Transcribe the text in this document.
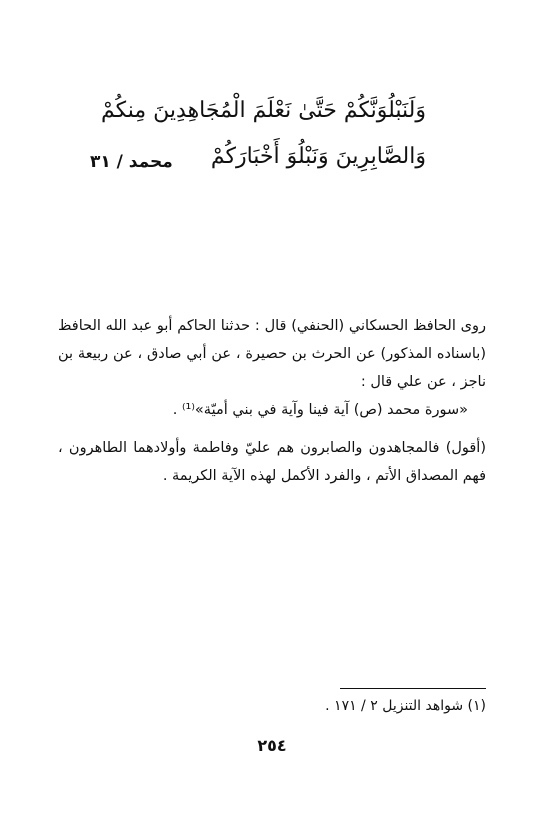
وَلَنَبْلُوَنَّكُمْ حَتَّىٰ نَعْلَمَ الْمُجَاهِدِينَ مِنكُمْ وَالصَّابِرِينَ وَنَبْلُوَ أَخْبَارَكُمْ
محمد / ٣١

روى الحافظ الحسكاني (الحنفي) قال : حدثنا الحاكم أبو عبد الله الحافظ (باسناده المذكور) عن الحرث بن حصيرة ، عن أبي صادق ، عن ربيعة بن ناجز ، عن علي قال :

«سورة محمد (ص) آية فينا وآية في بني أميّة»⁽¹⁾ .

(أقول) فالمجاهدون والصابرون هم عليّ وفاطمة وأولادهما الطاهرون ، فهم المصداق الأتم ، والفرد الأكمل لهذه الآية الكريمة .

(١) شواهد التنزيل ٢ / ١٧١ .
٢٥٤
